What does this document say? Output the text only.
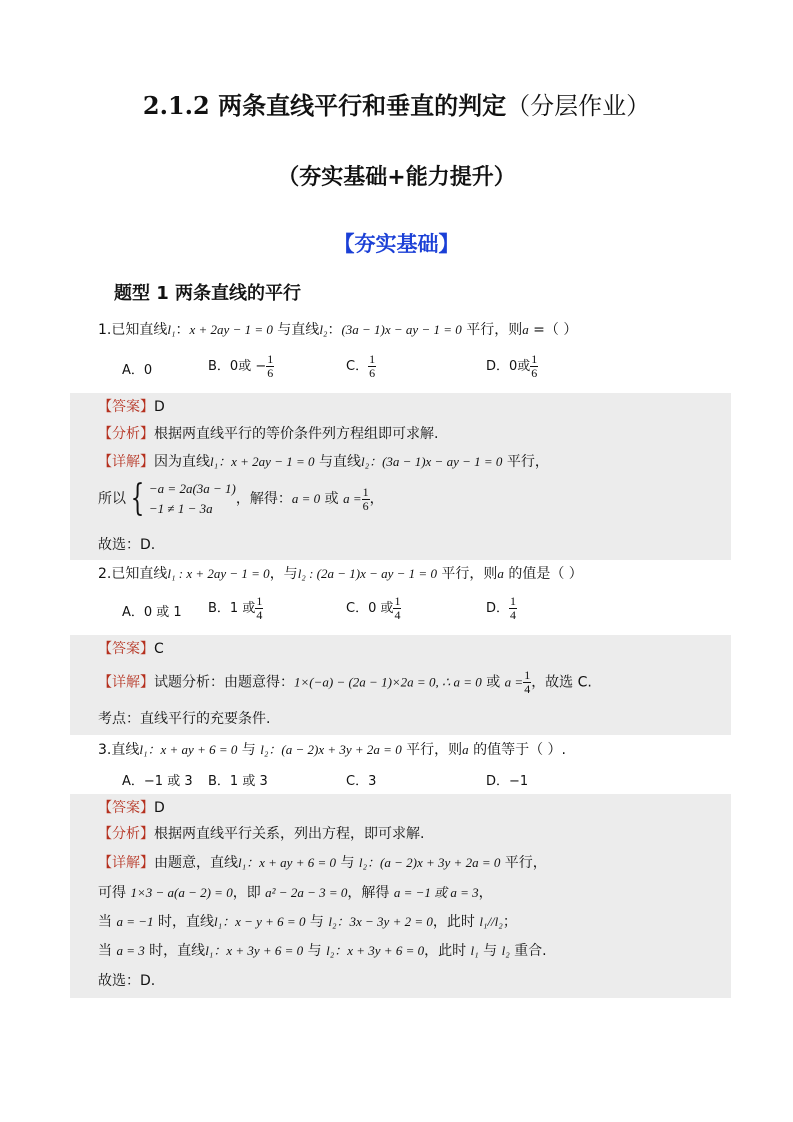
2.1.2 两条直线平行和垂直的判定（分层作业）
（夯实基础+能力提升）
【夯实基础】
题型 1 两条直线的平行
1.已知直线l₁：x + 2ay − 1 = 0 与直线l₂：(3a − 1)x − ay − 1 = 0 平行，则a =（ ）
A．0	B．0或 − $\frac{1}{6}$	C． $\frac{1}{6}$	D．0或 $\frac{1}{6}$
【答案】D
【分析】根据两直线平行的等价条件列方程组即可求解.
【详解】因为直线l₁：x + 2ay − 1 = 0 与直线l₂：(3a − 1)x − ay − 1 = 0 平行，
所以 { −a = 2a(3a − 1)
−1 ≠ 1 − 3a
，解得：a = 0 或 $a = \frac{1}{6}$ ，
故选：D.
2.已知直线l₁ : x + 2ay − 1 = 0，与l₂ : (2a − 1)x − ay − 1 = 0 平行，则a 的值是（ ）
A．0 或 1 B．1 或 $\frac{1}{4}$	C．0 或 $\frac{1}{4}$	D． $\frac{1}{4}$
【答案】C
【详解】试题分析：由题意得：1×(−a) − (2a − 1)×2a = 0, ∴ a = 0 或 $a = \frac{1}{4}$ ，故选 C.
考点：直线平行的充要条件.
3.直线l₁：x + ay + 6 = 0 与 l₂：(a − 2)x + 3y + 2a = 0 平行，则a 的值等于（ ）.
A．−1 或 3 B．1 或 3	C．3	D．−1
【答案】D
【分析】根据两直线平行关系，列出方程，即可求解.
【详解】由题意，直线l₁：x + ay + 6 = 0 与 l₂：(a − 2)x + 3y + 2a = 0 平行，
可得 1×3 − a(a − 2) = 0，即 a² − 2a − 3 = 0，解得 a = −1 或 a = 3，
当 a = −1 时，直线l₁：x − y + 6 = 0 与 l₂：3x − 3y + 2 = 0，此时 l₁//l₂；
当 a = 3 时，直线l₁：x + 3y + 6 = 0 与 l₂：x + 3y + 6 = 0，此时 l₁ 与 l₂ 重合.
故选：D.
